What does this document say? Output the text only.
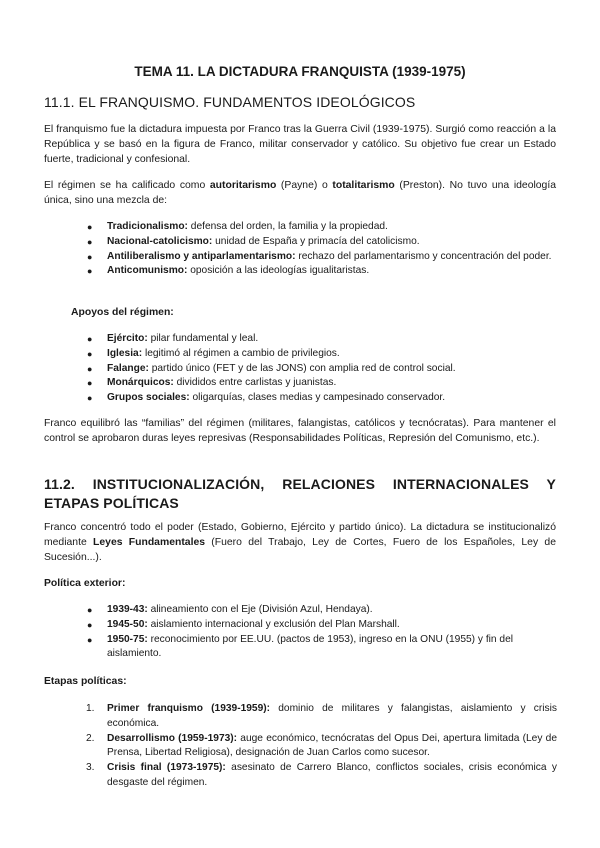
TEMA 11. LA DICTADURA FRANQUISTA (1939-1975)
11.1. EL FRANQUISMO. FUNDAMENTOS IDEOLÓGICOS

El franquismo fue la dictadura impuesta por Franco tras la Guerra Civil (1939-1975). Surgió como reacción a la República y se basó en la figura de Franco, militar conservador y católico. Su objetivo fue crear un Estado fuerte, tradicional y confesional.

El régimen se ha calificado como autoritarismo (Payne) o totalitarismo (Preston). No tuvo una ideología única, sino una mezcla de:

● Tradicionalismo: defensa del orden, la familia y la propiedad.
● Nacional-catolicismo: unidad de España y primacía del catolicismo.
● Antiliberalismo y antiparlamentarismo: rechazo del parlamentarismo y concentración del poder.
● Anticomunismo: oposición a las ideologías igualitaristas.
Apoyos del régimen:
● Ejército: pilar fundamental y leal.
● Iglesia: legitimó al régimen a cambio de privilegios.
● Falange: partido único (FET y de las JONS) con amplia red de control social.
● Monárquicos: divididos entre carlistas y juanistas.
● Grupos sociales: oligarquías, clases medias y campesinado conservador.

Franco equilibró las “familias” del régimen (militares, falangistas, católicos y tecnócratas). Para mantener el control se aprobaron duras leyes represivas (Responsabilidades Políticas, Represión del Comunismo, etc.).

11.2. INSTITUCIONALIZACIÓN, RELACIONES INTERNACIONALES Y ETAPAS POLÍTICAS

Franco concentró todo el poder (Estado, Gobierno, Ejército y partido único). La dictadura se institucionalizó mediante Leyes Fundamentales (Fuero del Trabajo, Ley de Cortes, Fuero de los Españoles, Ley de Sucesión...).

Política exterior:
● 1939-43: alineamiento con el Eje (División Azul, Hendaya).
● 1945-50: aislamiento internacional y exclusión del Plan Marshall.
● 1950-75: reconocimiento por EE.UU. (pactos de 1953), ingreso en la ONU (1955) y fin del aislamiento.
Etapas políticas:
1. Primer franquismo (1939-1959): dominio de militares y falangistas, aislamiento y crisis económica.
2. Desarrollismo (1959-1973): auge económico, tecnócratas del Opus Dei, apertura limitada (Ley de Prensa, Libertad Religiosa), designación de Juan Carlos como sucesor.
3. Crisis final (1973-1975): asesinato de Carrero Blanco, conflictos sociales, crisis económica y desgaste del régimen.
